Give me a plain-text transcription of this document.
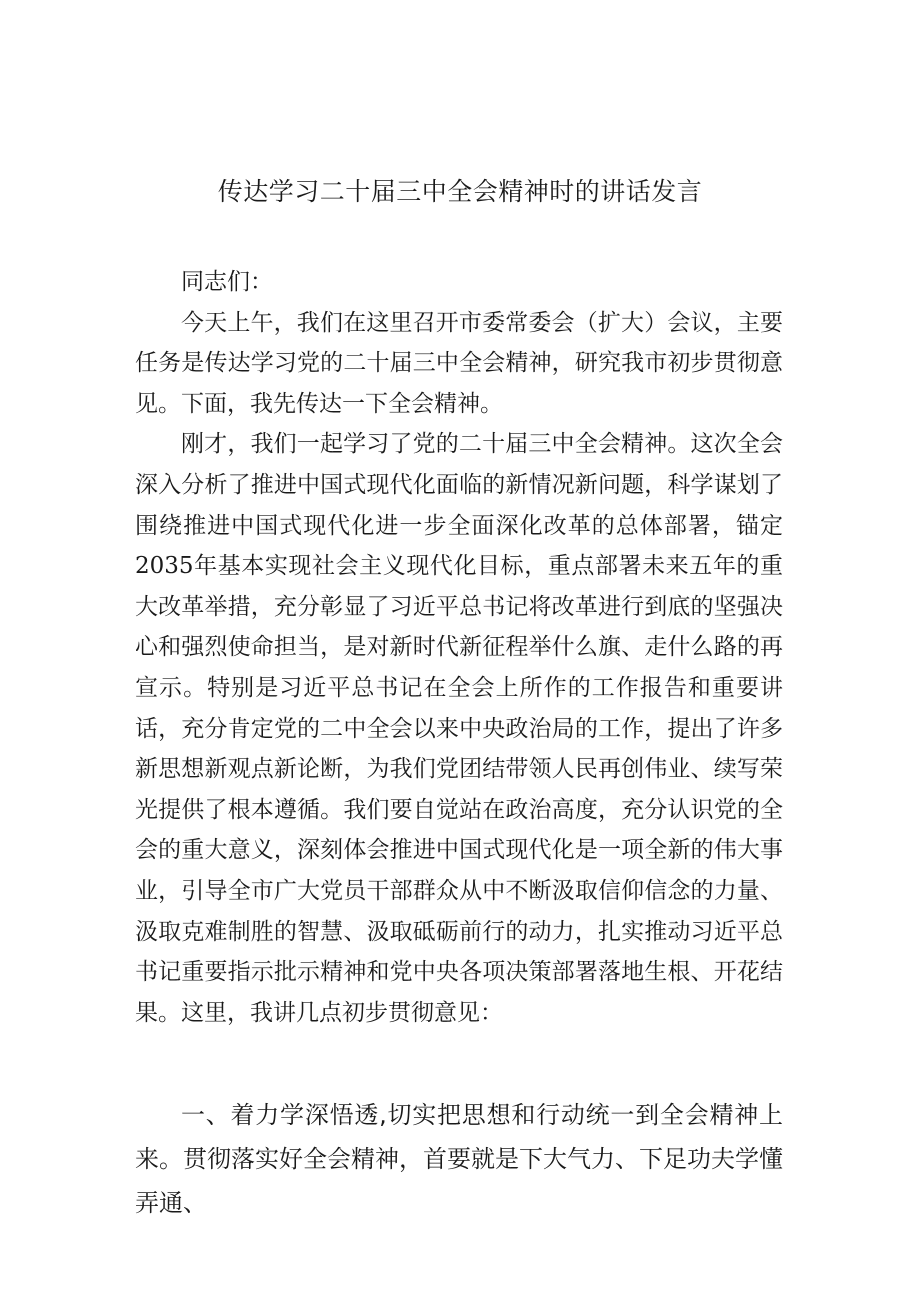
传达学习二十届三中全会精神时的讲话发言

同志们：

今天上午，我们在这里召开市委常委会（扩大）会议，主要任务是传达学习党的二十届三中全会精神，研究我市初步贯彻意见。下面，我先传达一下全会精神。

刚才，我们一起学习了党的二十届三中全会精神。这次全会深入分析了推进中国式现代化面临的新情况新问题，科学谋划了围绕推进中国式现代化进一步全面深化改革的总体部署，锚定2035年基本实现社会主义现代化目标，重点部署未来五年的重大改革举措，充分彰显了习近平总书记将改革进行到底的坚强决心和强烈使命担当，是对新时代新征程举什么旗、走什么路的再宣示。特别是习近平总书记在全会上所作的工作报告和重要讲话，充分肯定党的二中全会以来中央政治局的工作，提出了许多新思想新观点新论断，为我们党团结带领人民再创伟业、续写荣光提供了根本遵循。我们要自觉站在政治高度，充分认识党的全会的重大意义，深刻体会推进中国式现代化是一项全新的伟大事业，引导全市广大党员干部群众从中不断汲取信仰信念的力量、汲取克难制胜的智慧、汲取砥砺前行的动力，扎实推动习近平总书记重要指示批示精神和党中央各项决策部署落地生根、开花结果。这里，我讲几点初步贯彻意见：

一、着力学深悟透,切实把思想和行动统一到全会精神上来。贯彻落实好全会精神，首要就是下大气力、下足功夫学懂弄通、
